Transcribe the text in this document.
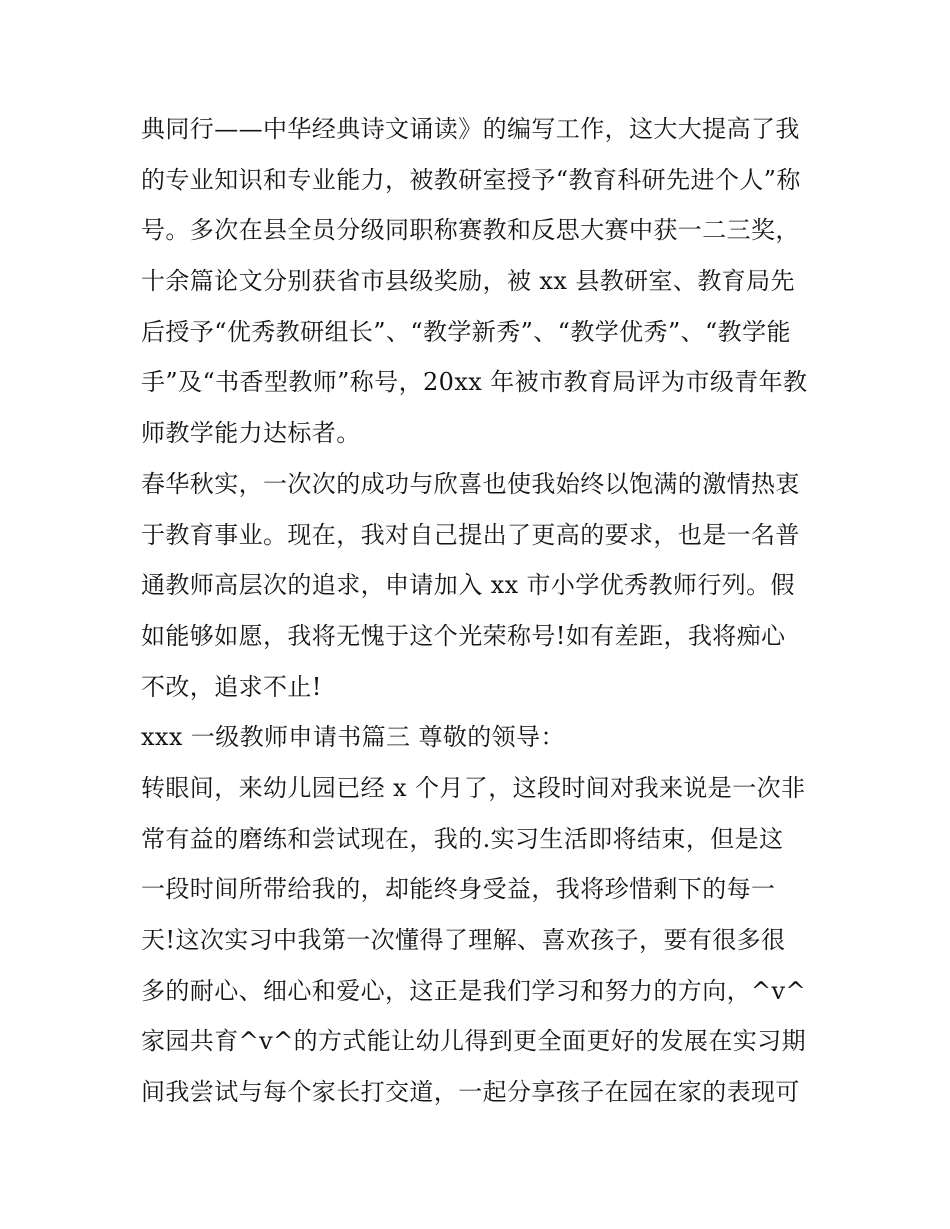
典同行——中华经典诗文诵读》的编写工作，这大大提高了我
的专业知识和专业能力，被教研室授予“教育科研先进个人”称
号。多次在县全员分级同职称赛教和反思大赛中获一二三奖，
十余篇论文分别获省市县级奖励，被 xx 县教研室、教育局先
后授予“优秀教研组长”、“教学新秀”、“教学优秀”、“教学能
手”及“书香型教师”称号，20xx 年被市教育局评为市级青年教
师教学能力达标者。
春华秋实，一次次的成功与欣喜也使我始终以饱满的激情热衷
于教育事业。现在，我对自己提出了更高的要求，也是一名普
通教师高层次的追求，申请加入 xx 市小学优秀教师行列。假
如能够如愿，我将无愧于这个光荣称号!如有差距，我将痴心
不改，追求不止!
xxx 一级教师申请书篇三 尊敬的领导：
转眼间，来幼儿园已经 x 个月了，这段时间对我来说是一次非
常有益的磨练和尝试现在，我的.实习生活即将结束，但是这
一段时间所带给我的，却能终身受益，我将珍惜剩下的每一
天!这次实习中我第一次懂得了理解、喜欢孩子，要有很多很
多的耐心、细心和爱心，这正是我们学习和努力的方向，^v^
家园共育^v^的方式能让幼儿得到更全面更好的发展在实习期
间我尝试与每个家长打交道，一起分享孩子在园在家的表现可
